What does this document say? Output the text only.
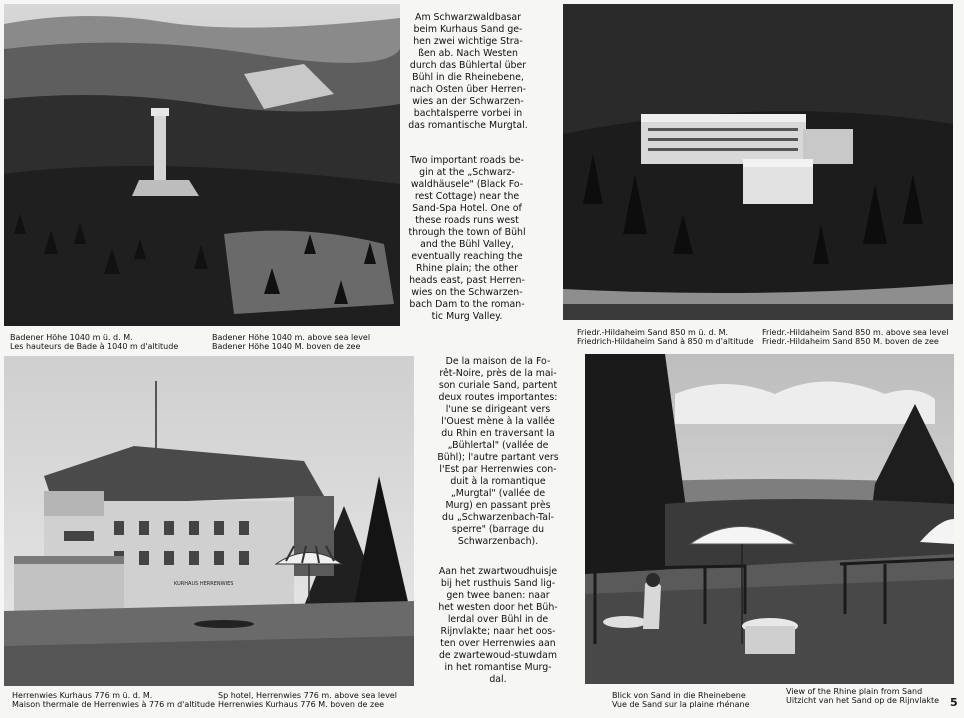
KURHAUS HERRENWIES
Am Schwarzwaldbasar
beim Kurhaus Sand ge-
hen zwei wichtige Stra-
ßen ab. Nach Westen
durch das Bühlertal über
Bühl in die Rheinebene,
nach Osten über Herren-
wies an der Schwarzen-
bachtalsperre vorbei in
das romantische Murgtal.
Two important roads be-
gin at the „Schwarz-
waldhäusele" (Black Fo-
rest Cottage) near the
Sand-Spa Hotel. One of
these roads runs west
through the town of Bühl
and the Bühl Valley,
eventually reaching the
Rhine plain; the other
heads east, past Herren-
wies on the Schwarzen-
bach Dam to the roman-
tic Murg Valley.
De la maison de la Fo-
rêt-Noire, près de la mai-
son curiale Sand, partent
deux routes importantes:
l'une se dirigeant vers
l'Ouest mène à la vallée
du Rhin en traversant la
„Bühlertal" (vallée de
Bühl); l'autre partant vers
l'Est par Herrenwies con-
duit à la romantique
„Murgtal" (vallée de
Murg) en passant près
du „Schwarzenbach-Tal-
sperre" (barrage du
Schwarzenbach).
Aan het zwartwoudhuisje
bij het rusthuis Sand lig-
gen twee banen: naar
het westen door het Büh-
lerdal over Bühl in de
Rijnvlakte; naar het oos-
ten over Herrenwies aan
de zwartewoud-stuwdam
in het romantise Murg-
dal.
Badener Höhe 1040 m ü. d. M.
Les hauteurs de Bade à 1040 m d'altitude
Badener Höhe 1040 m. above sea level
Badener Höhe 1040 M. boven de zee
Friedr.-Hildaheim Sand 850 m ü. d. M.
Friedrich-Hildaheim Sand à 850 m d'altitude
Friedr.-Hildaheim Sand 850 m. above sea level
Friedr.-Hildaheim Sand 850 M. boven de zee
Herrenwies Kurhaus 776 m ü. d. M.
Maison thermale de Herrenwies à 776 m d'altitude
Sp hotel, Herrenwies 776 m. above sea level
Herrenwies Kurhaus 776 M. boven de zee
Blick von Sand in die Rheinebene
Vue de Sand sur la plaine rhénane
View of the Rhine plain from Sand
Uitzicht van het Sand op de Rijnvlakte 5
